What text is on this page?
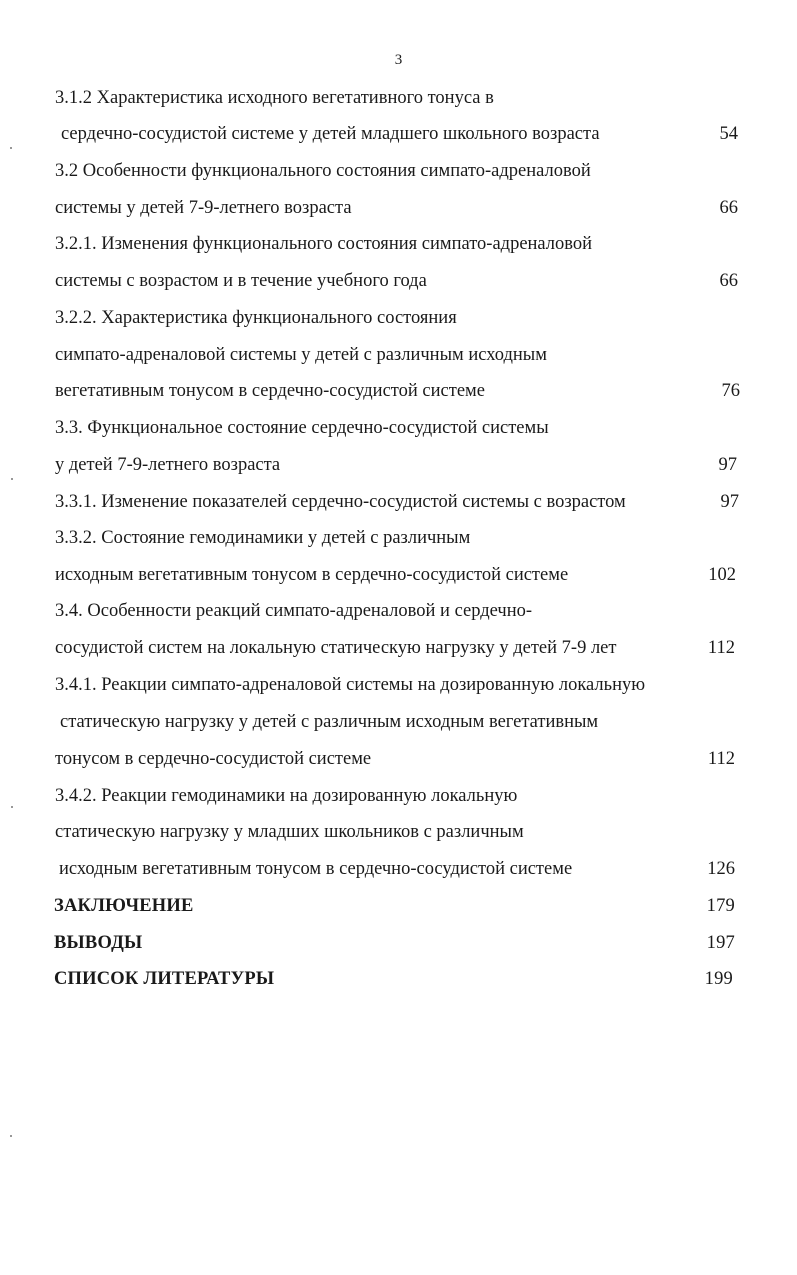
3
3.1.2 Характеристика исходного вегетативного тонуса в
сердечно-сосудистой системе у детей младшего школьного возраста	54
3.2 Особенности функционального состояния симпато-адреналовой
системы у детей 7-9-летнего возраста	66
3.2.1. Изменения функционального состояния симпато-адреналовой
системы с возрастом и в течение учебного года	66
3.2.2. Характеристика функционального состояния
симпато-адреналовой системы у детей с различным исходным
вегетативным тонусом в сердечно-сосудистой системе	76
3.3. Функциональное состояние сердечно-сосудистой системы
у детей 7-9-летнего возраста	97
3.3.1. Изменение показателей сердечно-сосудистой системы с возрастом	97
3.3.2. Состояние гемодинамики у детей с различным
исходным вегетативным тонусом в сердечно-сосудистой системе	102
3.4. Особенности реакций симпато-адреналовой и сердечно-
сосудистой систем на локальную статическую нагрузку у детей 7-9 лет	112
3.4.1. Реакции симпато-адреналовой системы на дозированную локальную
статическую нагрузку у детей с различным исходным вегетативным
тонусом в сердечно-сосудистой системе	112
3.4.2. Реакции гемодинамики на дозированную локальную
статическую нагрузку у младших школьников с различным
исходным вегетативным тонусом в сердечно-сосудистой системе	126
ЗАКЛЮЧЕНИЕ	179
ВЫВОДЫ	197
СПИСОК ЛИТЕРАТУРЫ	199
